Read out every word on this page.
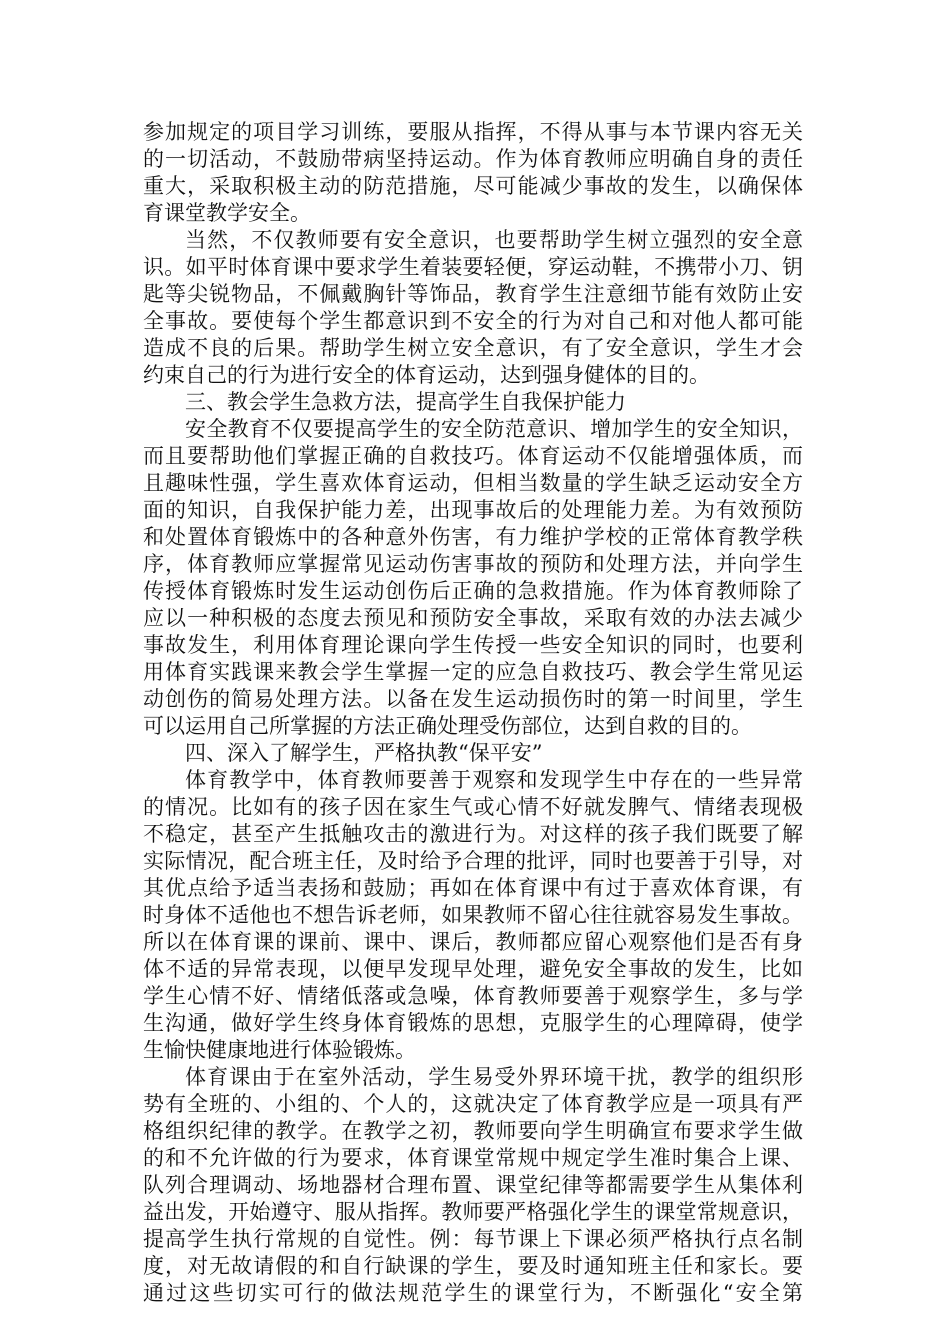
参加规定的项目学习训练，要服从指挥，不得从事与本节课内容无关
的一切活动，不鼓励带病坚持运动。作为体育教师应明确自身的责任
重大，采取积极主动的防范措施，尽可能减少事故的发生，以确保体
育课堂教学安全。
当然，不仅教师要有安全意识，也要帮助学生树立强烈的安全意
识。如平时体育课中要求学生着装要轻便，穿运动鞋，不携带小刀、钥
匙等尖锐物品，不佩戴胸针等饰品，教育学生注意细节能有效防止安
全事故。要使每个学生都意识到不安全的行为对自己和对他人都可能
造成不良的后果。帮助学生树立安全意识，有了安全意识，学生才会
约束自己的行为进行安全的体育运动，达到强身健体的目的。
三、教会学生急救方法，提高学生自我保护能力
安全教育不仅要提高学生的安全防范意识、增加学生的安全知识，
而且要帮助他们掌握正确的自救技巧。体育运动不仅能增强体质，而
且趣味性强，学生喜欢体育运动，但相当数量的学生缺乏运动安全方
面的知识，自我保护能力差，出现事故后的处理能力差。为有效预防
和处置体育锻炼中的各种意外伤害，有力维护学校的正常体育教学秩
序，体育教师应掌握常见运动伤害事故的预防和处理方法，并向学生
传授体育锻炼时发生运动创伤后正确的急救措施。作为体育教师除了
应以一种积极的态度去预见和预防安全事故，采取有效的办法去减少
事故发生，利用体育理论课向学生传授一些安全知识的同时，也要利
用体育实践课来教会学生掌握一定的应急自救技巧、教会学生常见运
动创伤的简易处理方法。以备在发生运动损伤时的第一时间里，学生
可以运用自己所掌握的方法正确处理受伤部位，达到自救的目的。
四、深入了解学生，严格执教“保平安”
体育教学中，体育教师要善于观察和发现学生中存在的一些异常
的情况。比如有的孩子因在家生气或心情不好就发脾气、情绪表现极
不稳定，甚至产生抵触攻击的激进行为。对这样的孩子我们既要了解
实际情况，配合班主任，及时给予合理的批评，同时也要善于引导，对
其优点给予适当表扬和鼓励；再如在体育课中有过于喜欢体育课，有
时身体不适他也不想告诉老师，如果教师不留心往往就容易发生事故。
所以在体育课的课前、课中、课后，教师都应留心观察他们是否有身
体不适的异常表现，以便早发现早处理，避免安全事故的发生，比如
学生心情不好、情绪低落或急噪，体育教师要善于观察学生，多与学
生沟通，做好学生终身体育锻炼的思想，克服学生的心理障碍，使学
生愉快健康地进行体验锻炼。
体育课由于在室外活动，学生易受外界环境干扰，教学的组织形
势有全班的、小组的、个人的，这就决定了体育教学应是一项具有严
格组织纪律的教学。在教学之初，教师要向学生明确宣布要求学生做
的和不允许做的行为要求，体育课堂常规中规定学生准时集合上课、
队列合理调动、场地器材合理布置、课堂纪律等都需要学生从集体利
益出发，开始遵守、服从指挥。教师要严格强化学生的课堂常规意识，
提高学生执行常规的自觉性。例：每节课上下课必须严格执行点名制
度，对无故请假的和自行缺课的学生，要及时通知班主任和家长。要
通过这些切实可行的做法规范学生的课堂行为，不断强化“安全第
